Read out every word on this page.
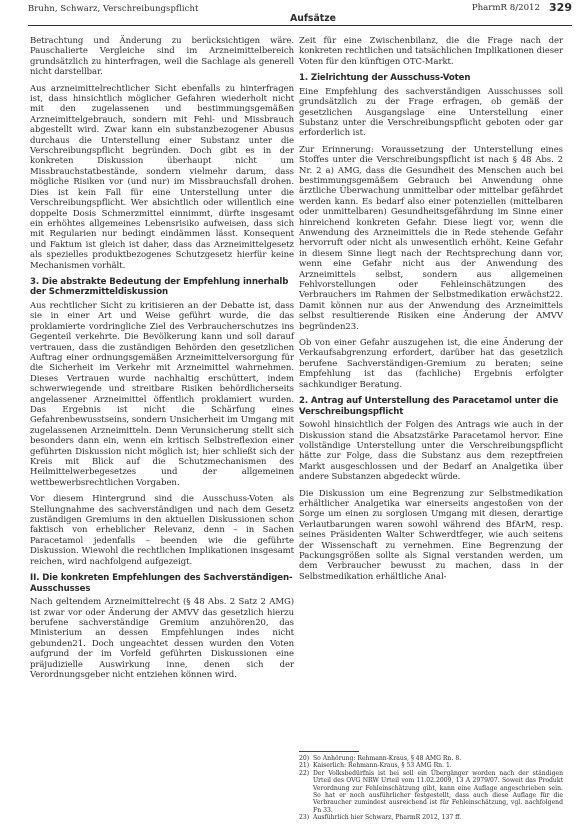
Bruhn, Schwarz, Verschreibungspflicht
Aufsätze
PharmR 8/2012 329

Betrachtung und Änderung zu berücksichtigen wäre. Pauschalierte Vergleiche sind im Arzneimittelbereich grundsätzlich zu hinterfragen, weil die Sachlage als generell nicht darstellbar.

Aus arzneimittelrechtlicher Sicht ebenfalls zu hinterfragen ist, dass hinsichtlich möglicher Gefahren wiederholt nicht mit den zugelassenen und bestimmungsgemäßen Arzneimittelgebrauch, sondern mit Fehl- und Missbrauch abgestellt wird. Zwar kann ein substanzbezogener Abusus durchaus die Unterstellung einer Substanz unter die Verschreibungspflicht begründen. Doch gibt es in der konkreten Diskussion überhaupt nicht um Missbrauchstatbestände, sondern vielmehr darum, dass mögliche Risiken vor (und nur) im Missbrauchsfall drohen. Dies ist kein Fall für eine Unterstellung unter die Verschreibungspflicht. Wer absichtlich oder willentlich eine doppelte Dosis Schmerzmittel einnimmt, dürfte insgesamt ein erhöhtes allgemeines Lebensrisiko aufweisen, dass sich mit Regularien nur bedingt eindämmen lässt. Konsequent und Faktum ist gleich ist daher, dass das Arzneimittelgesetz als spezielles produktbezogenes Schutzgesetz hierfür keine Mechanismen vorhält.

3. Die abstrakte Bedeutung der Empfehlung innerhalb der Schmerzmitteldiskussion

Aus rechtlicher Sicht zu kritisieren an der Debatte ist, dass sie in einer Art und Weise geführt wurde, die das proklamierte vordringliche Ziel des Verbraucherschutzes ins Gegenteil verkehrte. Die Bevölkerung kann und soll darauf vertrauen, dass die zuständigen Behörden den gesetzlichen Auftrag einer ordnungsgemäßen Arzneimittelversorgung für die Sicherheit im Verkehr mit Arzneimittel wahrnehmen. Dieses Vertrauen wurde nachhaltig erschüttert, indem schwerwiegende und streitbare Risiken behördlicherseits angelassener Arzneimittel öffentlich proklamiert wurden. Das Ergebnis ist nicht die Schärfung eines Gefahrenbewusstseins, sondern Unsicherheit im Umgang mit zugelassenen Arzneimitteln. Denn Verunsicherung stellt sich besonders dann ein, wenn ein kritisch Selbstreflexion einer geführten Diskussion nicht möglich ist; hier schließt sich der Kreis mit Blick auf die Schutzmechanismen des Heilmittelwerbegesetzes und der allgemeinen wettbewerbsrechtlichen Vorgaben.

Vor diesem Hintergrund sind die Ausschuss-Voten als Stellungnahme des sachverständigen und nach dem Gesetz zuständigen Gremiums in den aktuellen Diskussionen schon faktisch von erheblicher Relevanz, denn – in Sachen Paracetamol jedenfalls – beenden wie die geführte Diskussion. Wiewohl die rechtlichen Implikationen insgesamt reichen, wird nachfolgend aufgezeigt.

II. Die konkreten Empfehlungen des Sachverständigen-Ausschusses

Nach geltendem Arzneimittelrecht (§ 48 Abs. 2 Satz 2 AMG) ist zwar vor oder Änderung der AMVV das gesetzlich hierzu berufene sachverständige Gremium anzuhören20, das Ministerium an dessen Empfehlungen indes nicht gebunden21. Doch ungeachtet dessen wurden den Voten aufgrund der im Vorfeld geführten Diskussionen eine präjudizielle Auswirkung inne, denen sich der Verordnungsgeber nicht entziehen können wird.

Zeit für eine Zwischenbilanz, die die Frage nach der konkreten rechtlichen und tatsächlichen Implikationen dieser Voten für den künftigen OTC-Markt.

1. Zielrichtung der Ausschuss-Voten

Eine Empfehlung des sachverständigen Ausschusses soll grundsätzlich zu der Frage erfragen, ob gemäß der gesetzlichen Ausgangslage eine Unterstellung einer Substanz unter die Verschreibungspflicht geboten oder gar erforderlich ist.

Zur Erinnerung: Voraussetzung der Unterstellung eines Stoffes unter die Verschreibungspflicht ist nach § 48 Abs. 2 Nr. 2 a) AMG, dass die Gesundheit des Menschen auch bei bestimmungsgemäßem Gebrauch bei Anwendung ohne ärztliche Überwachung unmittelbar oder mittelbar gefährdet werden kann. Es bedarf also einer potenziellen (mittelbaren oder unmittelbaren) Gesundheitsgefährdung im Sinne einer hinreichend konkreten Gefahr. Diese liegt vor, wenn die Anwendung des Arzneimittels die in Rede stehende Gefahr hervorruft oder nicht als unwesentlich erhöht. Keine Gefahr in diesem Sinne liegt nach der Rechtsprechung dann vor, wenn eine Gefahr nicht aus der Anwendung des Arzneimittels selbst, sondern aus allgemeinen Fehlvorstellungen oder Fehleinschätzungen des Verbrauchers im Rahmen der Selbstmedikation erwächst22. Damit können nur aus der Anwendung des Arzneimittels selbst resultierende Risiken eine Änderung der AMVV begründen23.

Ob von einer Gefahr auszugehen ist, die eine Änderung der Verkaufsabgrenzung erfordert, darüber hat das gesetzlich berufene Sachverständigen-Gremium zu beraten; seine Empfehlung ist das (fachliche) Ergebnis erfolgter sachkundiger Beratung.

2. Antrag auf Unterstellung des Paracetamol unter die Verschreibungspflicht

Sowohl hinsichtlich der Folgen des Antrags wie auch in der Diskussion stand die Absatzstärke Paracetamol hervor. Eine vollständige Unterstellung unter die Verschreibungspflicht hätte zur Folge, dass die Substanz aus dem rezeptfreien Markt ausgeschlossen und der Bedarf an Analgetika über andere Substanzen abgedeckt würde.

Die Diskussion um eine Begrenzung zur Selbstmedikation erhältlicher Analgetika war einerseits angestoßen von der Sorge um einen zu sorglosen Umgang mit diesen, derartige Verlautbarungen waren sowohl während des BfArM, resp. seines Präsidenten Walter Schwerdtfeger, wie auch seitens der Wissenschaft zu vernehmen. Eine Begrenzung der Packungsgrößen sollte als Signal verstanden werden, um dem Verbraucher bewusst zu machen, dass in der Selbstmedikation erhältliche Anal-

20) So Anhörung: Rehmann-Kraus, § 48 AMG Rn. 8.

21) Kaiserlich: Rehmann-Kraus, § 53 AMG Rn. 1.

22) Der Volksbedürfnis ist bei soll ein Übergänger worden nach der ständigen Urteil des OVG NRW Urteil vom 11.02.2009, 13 A 2979/07. Soweit das Produkt Verordnung zur Fehleinschätzung gibt, kann eine Auflage angeschrieben sein. So hat er noch ausführlicher festgestellt, dass auch diese Auflage für die Verbraucher zumindest ausreichend ist für Fehleinschätzung, vgl. nachfolgend Fn 33.

23) Ausführlich hier Schwarz, PharmR 2012, 137 ff.
